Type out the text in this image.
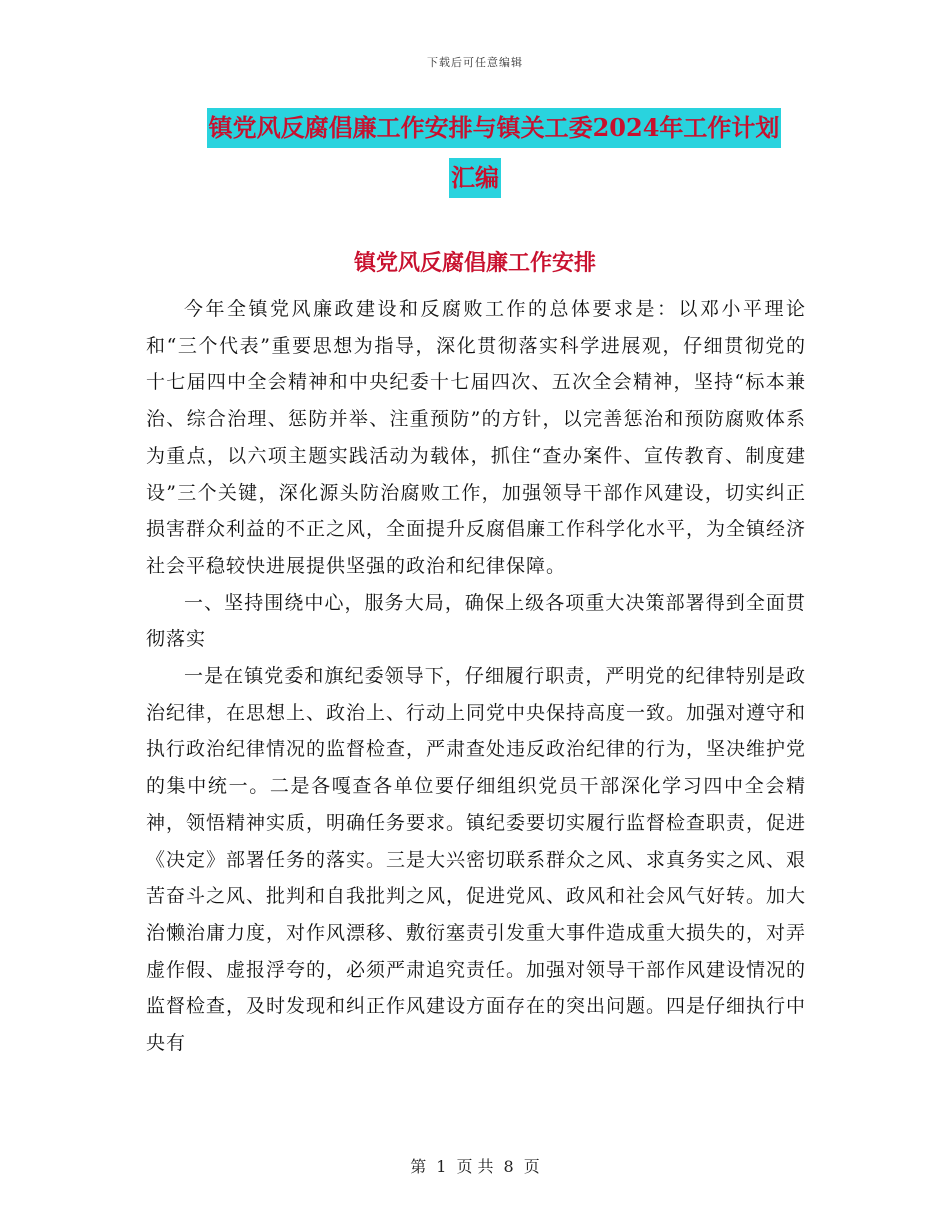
下载后可任意编辑
镇党风反腐倡廉工作安排与镇关工委2024年工作计划
汇编
镇党风反腐倡廉工作安排

今年全镇党风廉政建设和反腐败工作的总体要求是：以邓小平理论和“三个代表”重要思想为指导，深化贯彻落实科学进展观，仔细贯彻党的十七届四中全会精神和中央纪委十七届四次、五次全会精神，坚持“标本兼治、综合治理、惩防并举、注重预防”的方针，以完善惩治和预防腐败体系为重点，以六项主题实践活动为载体，抓住“查办案件、宣传教育、制度建设”三个关键，深化源头防治腐败工作，加强领导干部作风建设，切实纠正损害群众利益的不正之风，全面提升反腐倡廉工作科学化水平，为全镇经济社会平稳较快进展提供坚强的政治和纪律保障。

一、坚持围绕中心，服务大局，确保上级各项重大决策部署得到全面贯彻落实

一是在镇党委和旗纪委领导下，仔细履行职责，严明党的纪律特别是政治纪律，在思想上、政治上、行动上同党中央保持高度一致。加强对遵守和执行政治纪律情况的监督检查，严肃查处违反政治纪律的行为，坚决维护党的集中统一。二是各嘎查各单位要仔细组织党员干部深化学习四中全会精神，领悟精神实质，明确任务要求。镇纪委要切实履行监督检查职责，促进《决定》部署任务的落实。三是大兴密切联系群众之风、求真务实之风、艰苦奋斗之风、批判和自我批判之风，促进党风、政风和社会风气好转。加大治懒治庸力度，对作风漂移、敷衍塞责引发重大事件造成重大损失的，对弄虚作假、虚报浮夸的，必须严肃追究责任。加强对领导干部作风建设情况的监督检查，及时发现和纠正作风建设方面存在的突出问题。四是仔细执行中央有

第 1 页 共 8 页
